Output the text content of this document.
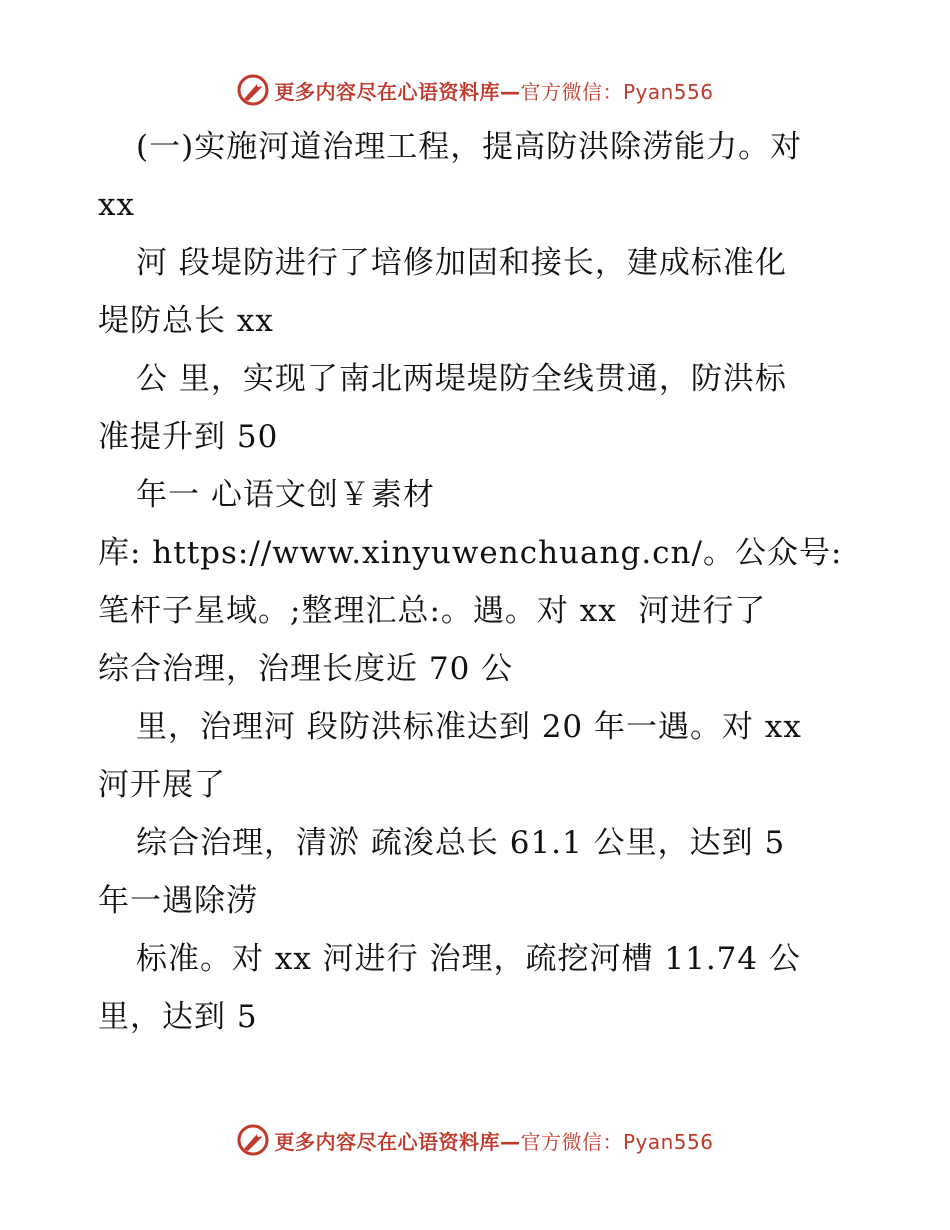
更多内容尽在心语资料库—官方微信：Pyan556
(一)实施河道治理工程，提高防洪除涝能力。对
xx
河 段堤防进行了培修加固和接长，建成标准化
堤防总长 xx
公 里，实现了南北两堤堤防全线贯通，防洪标
准提升到 50
年一 心语文创￥素材
库: https://www.xinyuwenchuang.cn/。公众号:
笔杆子星域。;整理汇总:。遇。对 xx  河进行了
综合治理，治理长度近 70 公
里，治理河 段防洪标准达到 20 年一遇。对 xx
河开展了
综合治理，清淤 疏浚总长 61.1 公里，达到 5
年一遇除涝
标准。对 xx 河进行 治理，疏挖河槽 11.74 公
里，达到 5
更多内容尽在心语资料库—官方微信：Pyan556
